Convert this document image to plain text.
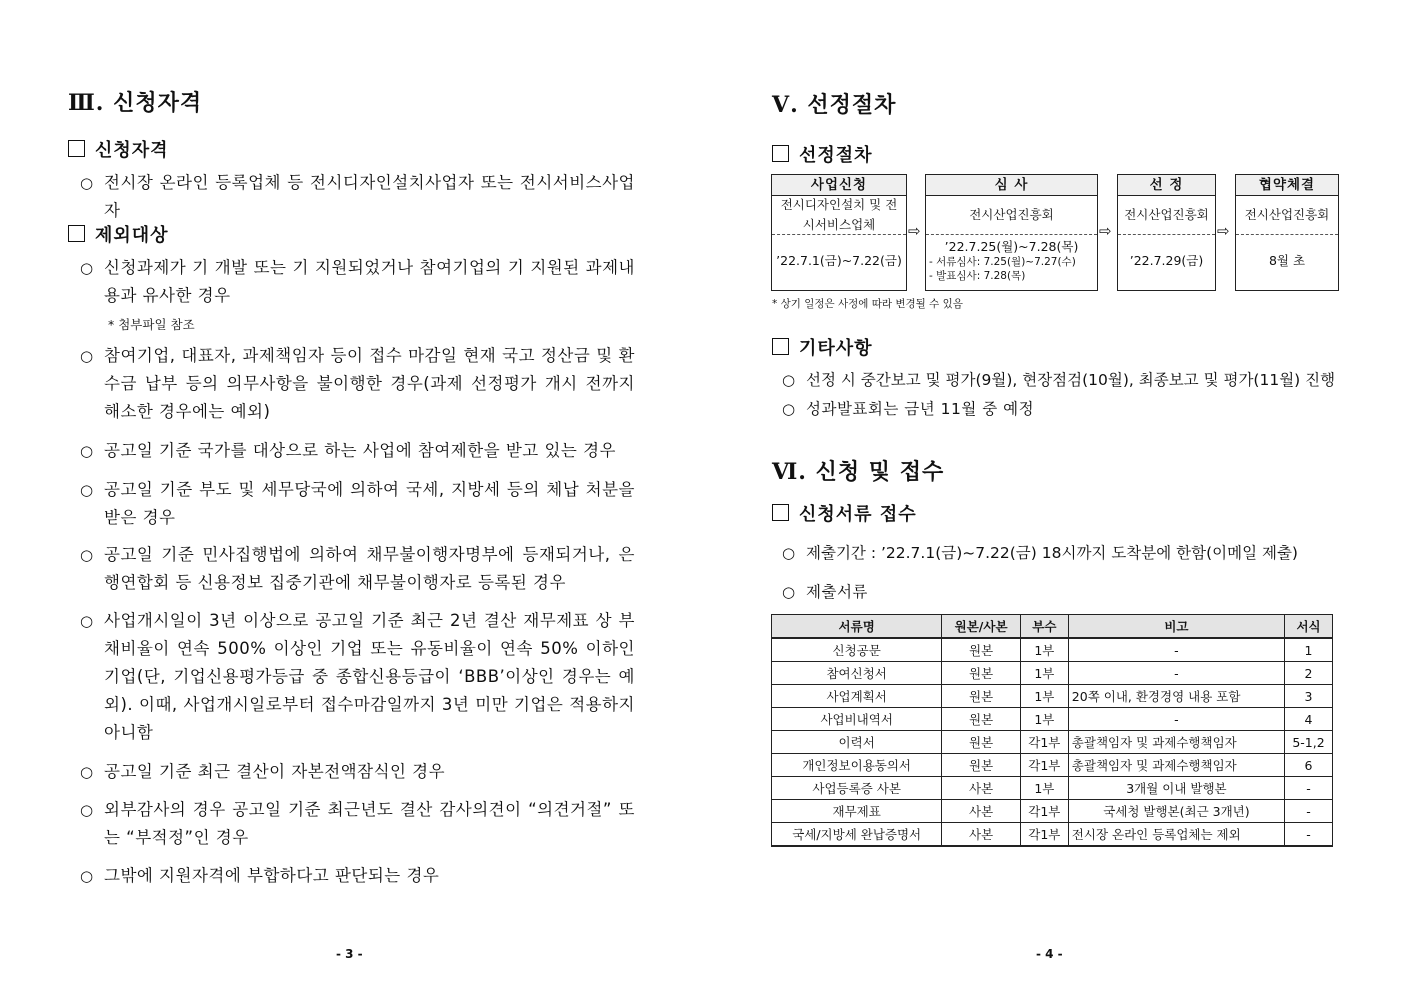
Ⅲ. 신청자격
신청자격
○ 전시장 온라인 등록업체 등 전시디자인설치사업자 또는 전시서비스사업자
제외대상
○ 신청과제가 기 개발 또는 기 지원되었거나 참여기업의 기 지원된 과제내용과 유사한 경우
* 첨부파일 참조
○ 참여기업, 대표자, 과제책임자 등이 접수 마감일 현재 국고 정산금 및 환수금 납부 등의 의무사항을 불이행한 경우(과제 선정평가 개시 전까지 해소한 경우에는 예외)
○ 공고일 기준 국가를 대상으로 하는 사업에 참여제한을 받고 있는 경우
○ 공고일 기준 부도 및 세무당국에 의하여 국세, 지방세 등의 체납 처분을 받은 경우
○ 공고일 기준 민사집행법에 의하여 채무불이행자명부에 등재되거나, 은행연합회 등 신용정보 집중기관에 채무불이행자로 등록된 경우
○ 사업개시일이 3년 이상으로 공고일 기준 최근 2년 결산 재무제표 상 부채비율이 연속 500% 이상인 기업 또는 유동비율이 연속 50% 이하인 기업(단, 기업신용평가등급 중 종합신용등급이 ‘BBB’이상인 경우는 예외). 이때, 사업개시일로부터 접수마감일까지 3년 미만 기업은 적용하지 아니함
○ 공고일 기준 최근 결산이 자본전액잠식인 경우
○ 외부감사의 경우 공고일 기준 최근년도 결산 감사의견이 “의견거절” 또는 “부적정”인 경우
○ 그밖에 지원자격에 부합하다고 판단되는 경우
- 3 -
Ⅴ. 선정절차
선정절차
사업신청
전시디자인설치 및 전시서비스업체
’22.7.1(금)~7.22(금)
⇨
심 사
전시산업진흥회
’22.7.25(월)~7.28(목)
- 서류심사: 7.25(월)~7.27(수)
- 발표심사: 7.28(목)
⇨
선 정
전시산업진흥회
’22.7.29(금)
⇨
협약체결
전시산업진흥회
8월 초
* 상기 일정은 사정에 따라 변경될 수 있음
기타사항
○ 선정 시 중간보고 및 평가(9월), 현장점검(10월), 최종보고 및 평가(11월) 진행
○ 성과발표회는 금년 11월 중 예정
Ⅵ. 신청 및 접수
신청서류 접수
○ 제출기간 : ’22.7.1(금)~7.22(금) 18시까지 도착분에 한함(이메일 제출)
○ 제출서류
서류명	원본/사본	부수	비고	서식
신청공문	원본	1부	-	1
참여신청서	원본	1부	-	2
사업계획서	원본	1부	20쪽 이내, 환경경영 내용 포함	3
사업비내역서	원본	1부	-	4
이력서	원본	각1부	총괄책임자 및 과제수행책임자	5-1,2
개인정보이용동의서	원본	각1부	총괄책임자 및 과제수행책임자	6
사업등록증 사본	사본	1부	3개월 이내 발행본	-
재무제표	사본	각1부	국세청 발행본(최근 3개년)	-
국세/지방세 완납증명서	사본	각1부	전시장 온라인 등록업체는 제외	-
- 4 -
